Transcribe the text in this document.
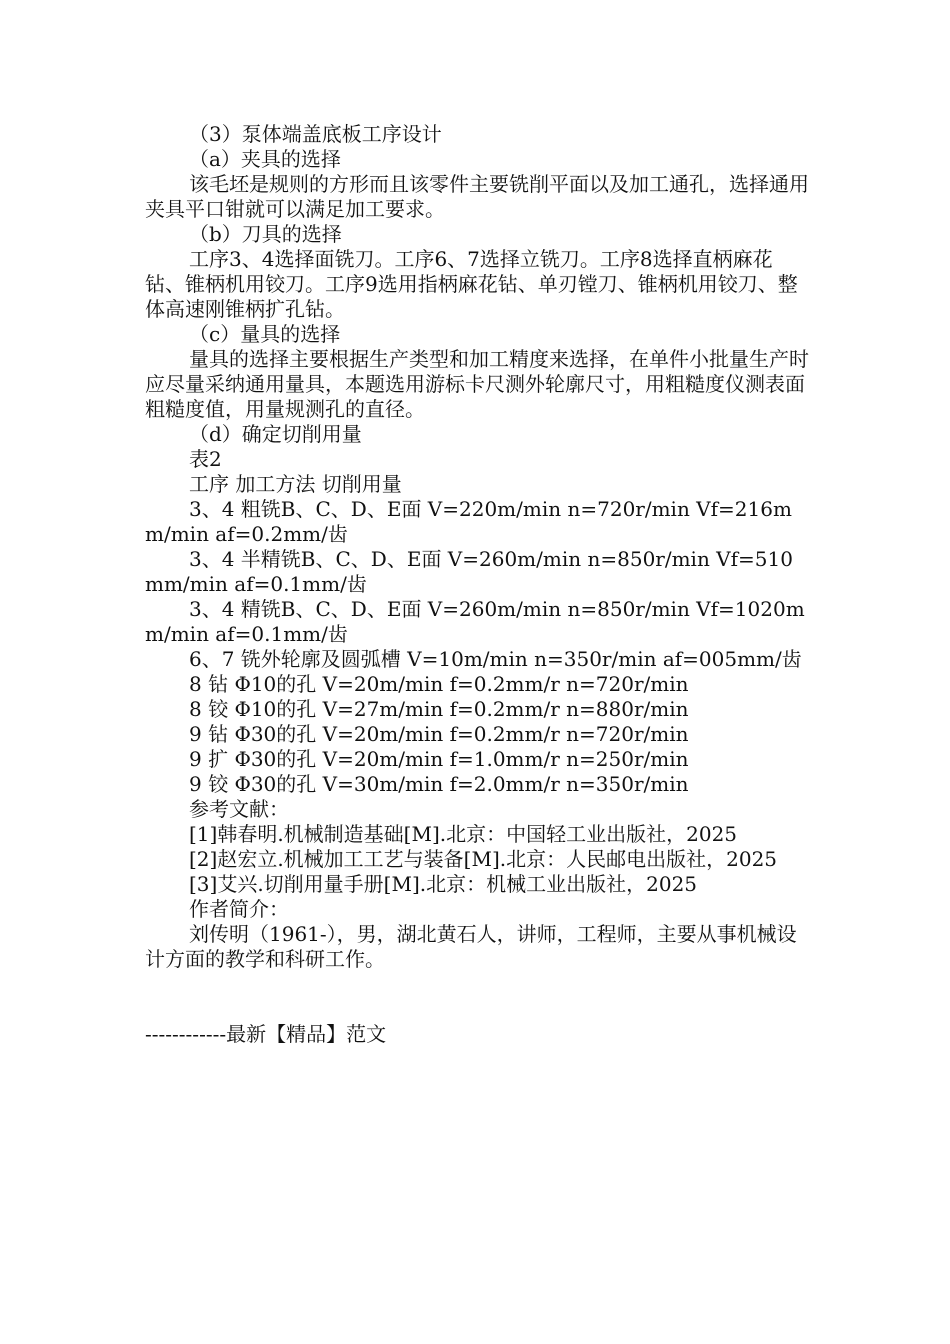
（3）泵体端盖底板工序设计

（a）夹具的选择

该毛坯是规则的方形而且该零件主要铣削平面以及加工通孔，选择通用夹具平口钳就可以满足加工要求。

（b）刀具的选择

工序3、4选择面铣刀。工序6、7选择立铣刀。工序8选择直柄麻花钻、锥柄机用铰刀。工序9选用指柄麻花钻、单刃镗刀、锥柄机用铰刀、整体高速刚锥柄扩孔钻。

（c）量具的选择

量具的选择主要根据生产类型和加工精度来选择，在单件小批量生产时应尽量采纳通用量具，本题选用游标卡尺测外轮廓尺寸，用粗糙度仪测表面粗糙度值，用量规测孔的直径。

（d）确定切削用量

表2

工序 加工方法 切削用量

3、4 粗铣B、C、D、E面 V=220m/min n=720r/min Vf=216mm/min af=0.2mm/齿

3、4 半精铣B、C、D、E面 V=260m/min n=850r/min Vf=510mm/min af=0.1mm/齿

3、4 精铣B、C、D、E面 V=260m/min n=850r/min Vf=1020mm/min af=0.1mm/齿

6、7 铣外轮廓及圆弧槽 V=10m/min n=350r/min af=005mm/齿

8 钻 Φ10的孔 V=20m/min f=0.2mm/r n=720r/min

8 铰 Φ10的孔 V=27m/min f=0.2mm/r n=880r/min

9 钻 Φ30的孔 V=20m/min f=0.2mm/r n=720r/min

9 扩 Φ30的孔 V=20m/min f=1.0mm/r n=250r/min

9 铰 Φ30的孔 V=30m/min f=2.0mm/r n=350r/min

参考文献：

[1]韩春明.机械制造基础[M].北京：中国轻工业出版社，2025

[2]赵宏立.机械加工工艺与装备[M].北京：人民邮电出版社，2025

[3]艾兴.切削用量手册[M].北京：机械工业出版社，2025

作者简介：

刘传明（1961-），男，湖北黄石人，讲师，工程师，主要从事机械设计方面的教学和科研工作。

------------最新【精品】范文
